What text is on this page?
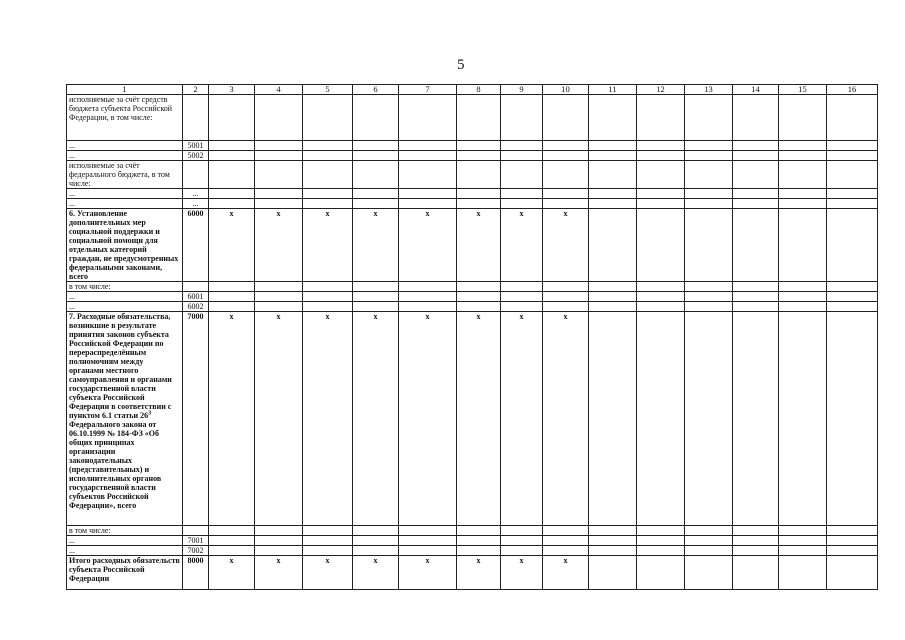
5
1	2	3	4	5	6	7	8	9	10	11	12	13	14	15	16
исполняемые за счёт средств бюджета субъекта Российской Федерации, в том числе:															
...	5001														
...	5002														
исполняемые за счёт федерального бюджета, в том числе:															
...	...														
...	...														
6. Установление дополнительных мер социальной поддержки и социальной помощи для отдельных категорий граждан, не предусмотренных федеральными законами, всего	6000	x	x	x	x	x	x	x	x						
в том числе:															
...	6001														
...	6002														
7. Расходные обязательства, возникшие в результате принятия законов субъекта Российской Федерации по перераспределённым полномочиям между органами местного самоуправления и органами государственной власти субъекта Российской Федерации в соответствии с пунктом 6.1 статьи $26^3$ Федерального закона от 06.10.1999 № 184-ФЗ «Об общих принципах организации законодательных (представительных) и исполнительных органов государственной власти субъектов Российской Федерации», всего	7000	x	x	x	x	x	x	x	x						
в том числе:															
...	7001														
...	7002														
Итого расходных обязательств субъекта Российской Федерации	8000	x	x	x	x	x	x	x	x						
